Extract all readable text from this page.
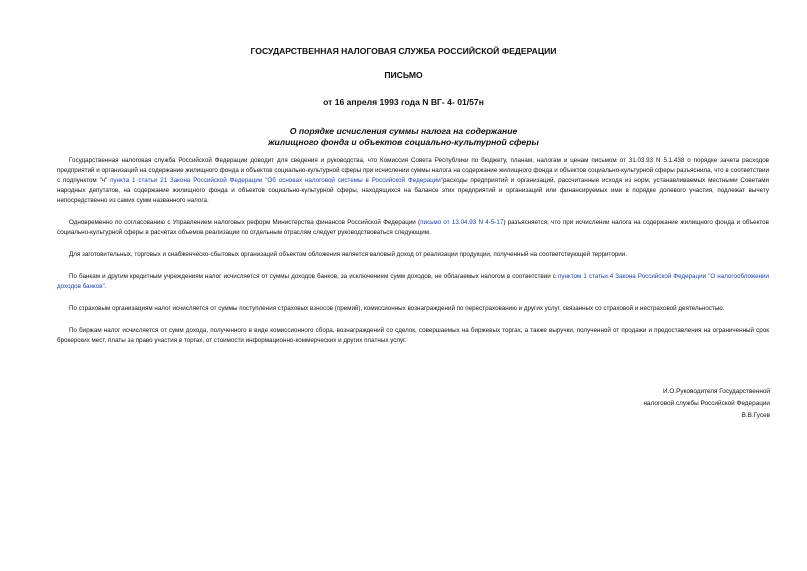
ГОСУДАРСТВЕННАЯ НАЛОГОВАЯ СЛУЖБА РОССИЙСКОЙ ФЕДЕРАЦИИ
ПИСЬМО
от 16 апреля 1993 года N ВГ- 4- 01/57н
О порядке исчисления суммы налога на содержание
жилищного фонда и объектов социально-культурной сферы

Государственная налоговая служба Российской Федерации доводит для сведения и руководства, что Комиссия Совета Республики по бюджету, планам, налогам и ценам письмом от 31.03.93 N 5.1.438 о порядке зачета расходов предприятий и организаций на содержание жилищного фонда и объектов социально-культурной сферы при исчислении суммы налога на содержание жилищного фонда и объектов социально-культурной сферы разъяснила, что в соответствии с подпунктом "ч" пункта 1 статьи 21 Закона Российской Федерации "Об основах налоговой системы в Российской Федерации"расходы предприятий и организаций, рассчитанные исходя из норм, устанавливаемых местными Советами народных депутатов, на содержание жилищного фонда и объектов социально-культурной сферы, находящихся на балансе этих предприятий и организаций или финансируемых ими в порядке долевого участия, подлежат вычету непосредственно из самих сумм названного налога.

Одновременно по согласованию с Управлением налоговых реформ Министерства финансов Российской Федерации (письмо от 13.04.93 N 4-5-17) разъясняется, что при исчислении налога на содержание жилищного фонда и объектов социально-культурной сферы в расчетах объемов реализации по отдельным отраслям следует руководствоваться следующим.

Для заготовительных, торговых и снабженческо-сбытовых организаций объектом обложения является валовый доход от реализации продукции, полученный на соответствующей территории.

По банкам и другим кредитным учреждениям налог исчисляется от суммы доходов банков, за исключением сумм доходов, не облагаемых налогом в соответствии с пунктом 1 статьи 4 Закона Российской Федерации "О налогообложении доходов банков".

По страховым организациям налог исчисляется от суммы поступления страховых взносов (премий), комиссионных вознаграждений по перестрахованию и других услуг, связанных со страховой и нестраховой деятельностью.

По биржам налог исчисляется от сумм дохода, полученного в виде комиссионного сбора, вознаграждений со сделок, совершаемых на биржевых торгах, а также выручки, полученной от продажи и предоставления на ограниченный срок брокерских мест, платы за право участия в торгах, от стоимости информационно-коммерческих и других платных услуг.

И.О.Руководителя Государственной
налоговой службы Российской Федерации
В.В.Гусев
